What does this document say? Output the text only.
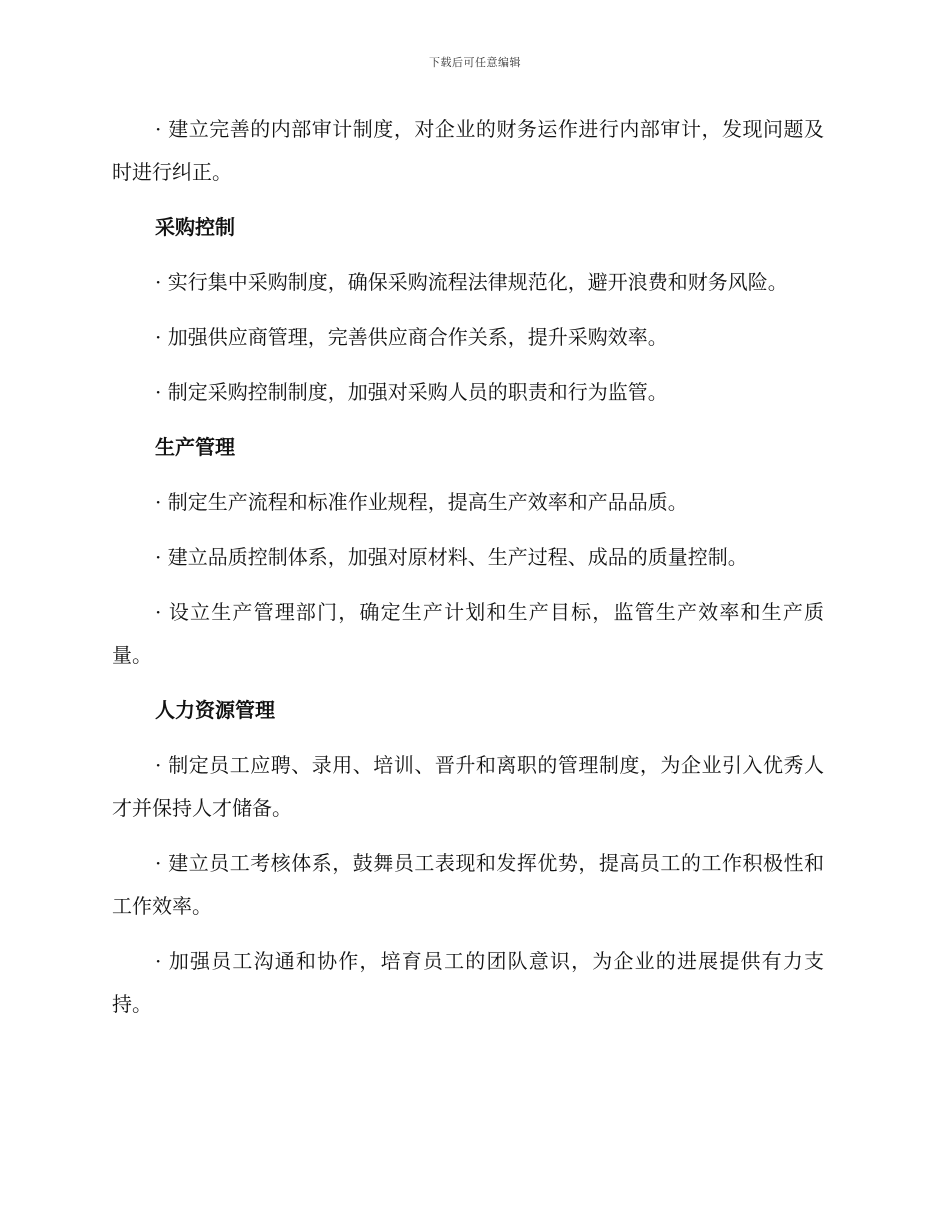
下载后可任意编辑

· 建立完善的内部审计制度，对企业的财务运作进行内部审计，发现问题及时进行纠正。

采购控制

· 实行集中采购制度，确保采购流程法律规范化，避开浪费和财务风险。

· 加强供应商管理，完善供应商合作关系，提升采购效率。

· 制定采购控制制度，加强对采购人员的职责和行为监管。

生产管理

· 制定生产流程和标准作业规程，提高生产效率和产品品质。

· 建立品质控制体系，加强对原材料、生产过程、成品的质量控制。

· 设立生产管理部门，确定生产计划和生产目标，监管生产效率和生产质量。

人力资源管理

· 制定员工应聘、录用、培训、晋升和离职的管理制度，为企业引入优秀人才并保持人才储备。

· 建立员工考核体系，鼓舞员工表现和发挥优势，提高员工的工作积极性和工作效率。

· 加强员工沟通和协作，培育员工的团队意识，为企业的进展提供有力支持。
